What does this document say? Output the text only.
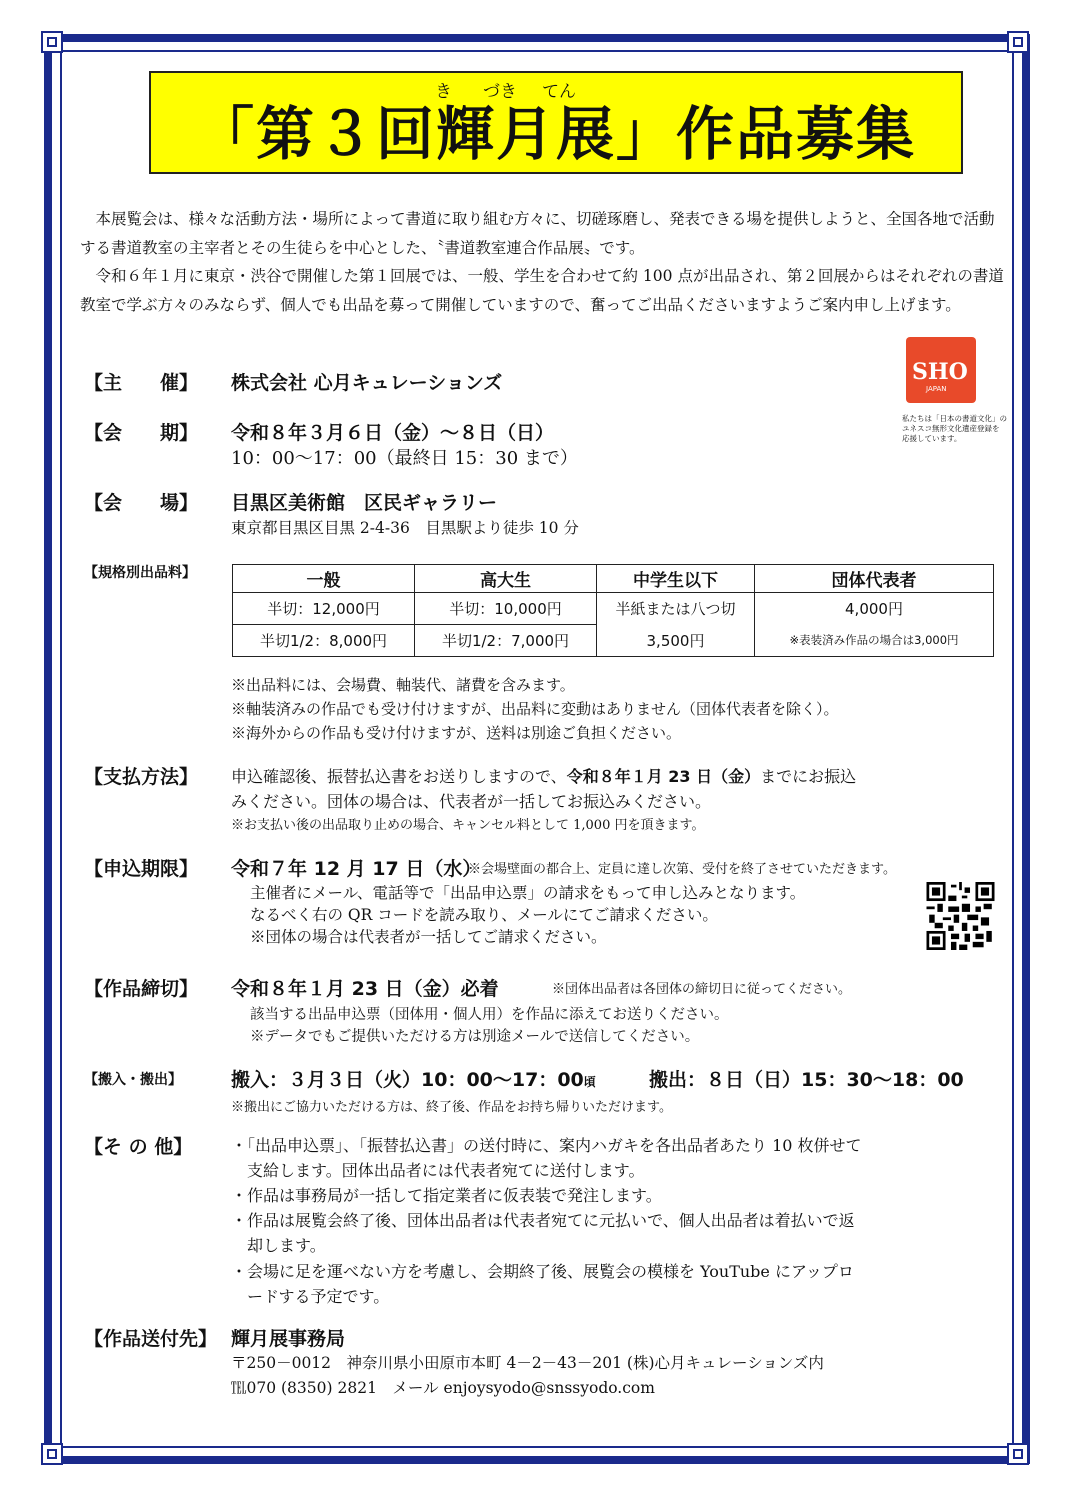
き づき てん
「第３回輝月展」作品募集

本展覧会は、様々な活動方法・場所によって書道に取り組む方々に、切磋琢磨し、発表できる場を提供しようと、全国各地で活動する書道教室の主宰者とその生徒らを中心とした、〝書道教室連合作品展〟です。

令和６年１月に東京・渋谷で開催した第１回展では、一般、学生を合わせて約 100 点が出品され、第２回展からはそれぞれの書道教室で学ぶ方々のみならず、個人でも出品を募って開催していますので、奮ってご出品くださいますようご案内申し上げます。

SHO
JAPAN
私たちは「日本の書道文化」の
ユネスコ無形文化遺産登録を
応援しています。
【主　　催】 株式会社 心月キュレーションズ
【会　　期】 令和８年３月６日（金）～８日（日）
10：00～17：00（最終日 15：30 まで）
【会　　場】 目黒区美術館　区民ギャラリー
東京都目黒区目黒 2-4-36　目黒駅より徒歩 10 分
【規格別出品料】	一般	高大生	中学生以下	団体代表者
半切：12,000円	半切：10,000円	半紙または八つ切	4,000円
半切1/2：8,000円	半切1/2：7,000円	3,500円	※表装済み作品の場合は3,000円
※出品料には、会場費、軸装代、諸費を含みます。
※軸装済みの作品でも受け付けますが、出品料に変動はありません（団体代表者を除く）。
※海外からの作品も受け付けますが、送料は別途ご負担ください。
【支払方法】 申込確認後、振替払込書をお送りしますので、令和８年１月 23 日（金）までにお振込
みください。団体の場合は、代表者が一括してお振込みください。
※お支払い後の出品取り止めの場合、キャンセル料として 1,000 円を頂きます。
【申込期限】 令和７年 12 月 17 日（水）
※会場壁面の都合上、定員に達し次第、受付を終了させていただきます。
主催者にメール、電話等で「出品申込票」の請求をもって申し込みとなります。
なるべく右の QR コードを読み取り、メールにてご請求ください。
※団体の場合は代表者が一括してご請求ください。
【作品締切】 令和８年１月 23 日（金）必着	※団体出品者は各団体の締切日に従ってください。
該当する出品申込票（団体用・個人用）を作品に添えてお送りください。
※データでもご提供いただける方は別途メールで送信してください。
【搬入・搬出】	搬入：３月３日（火）10：00～17：00頃	搬出：８日（日）15：30～18：00
※搬出にご協力いただける方は、終了後、作品をお持ち帰りいただけます。
【そ の 他】 ・「出品申込票」、「振替払込書」の送付時に、案内ハガキを各出品者あたり 10 枚併せて
　支給します。団体出品者には代表者宛てに送付します。
・作品は事務局が一括して指定業者に仮表装で発注します。
・作品は展覧会終了後、団体出品者は代表者宛てに元払いで、個人出品者は着払いで返
　却します。
・会場に足を運べない方を考慮し、会期終了後、展覧会の模様を YouTube にアップロ
　ードする予定です。
【作品送付先】 輝月展事務局
〒250－0012　神奈川県小田原市本町 4－2－43－201 (株)心月キュレーションズ内
℡070 (8350) 2821　メール enjoysyodo@snssyodo.com
